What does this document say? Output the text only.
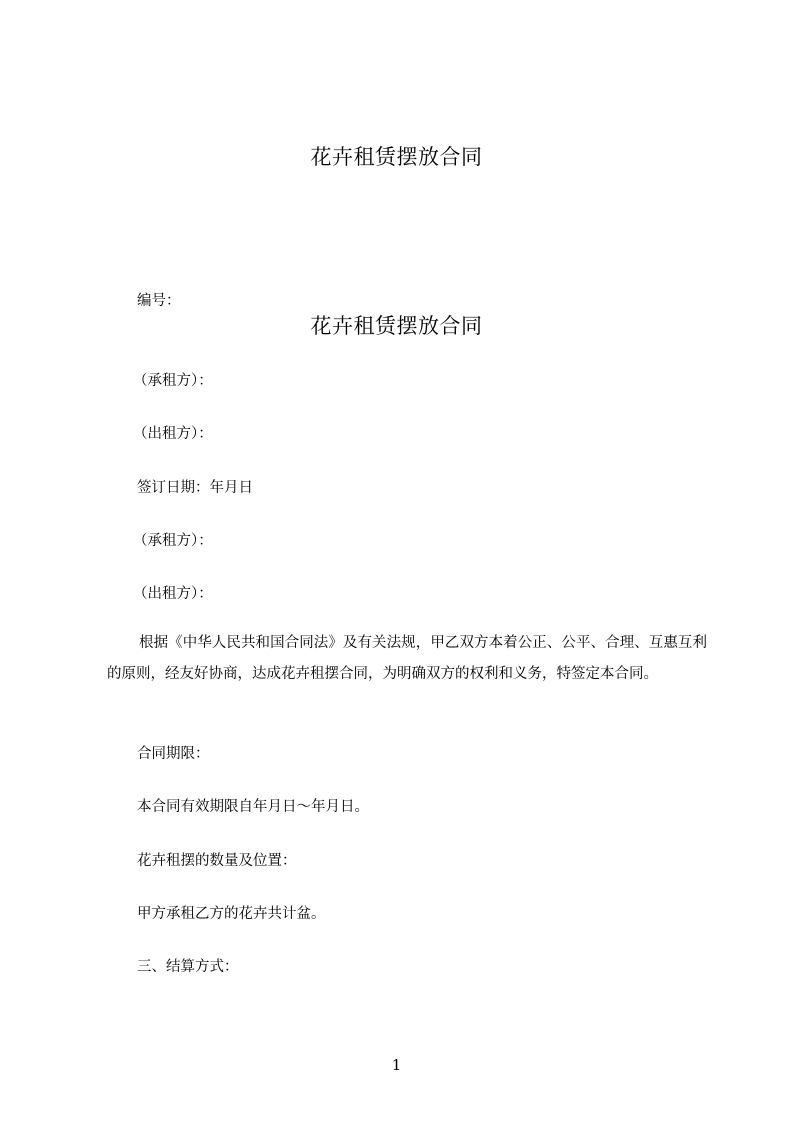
花卉租赁摆放合同
编号：
花卉租赁摆放合同
（承租方）：
（出租方）：
签订日期：年月日
（承租方）：
（出租方）：
根据《中华人民共和国合同法》及有关法规，甲乙双方本着公正、公平、合理、互惠互利的原则，经友好协商，达成花卉租摆合同，为明确双方的权利和义务，特签定本合同。
合同期限：
本合同有效期限自年月日～年月日。
花卉租摆的数量及位置：
甲方承租乙方的花卉共计盆。
三、结算方式：
1
